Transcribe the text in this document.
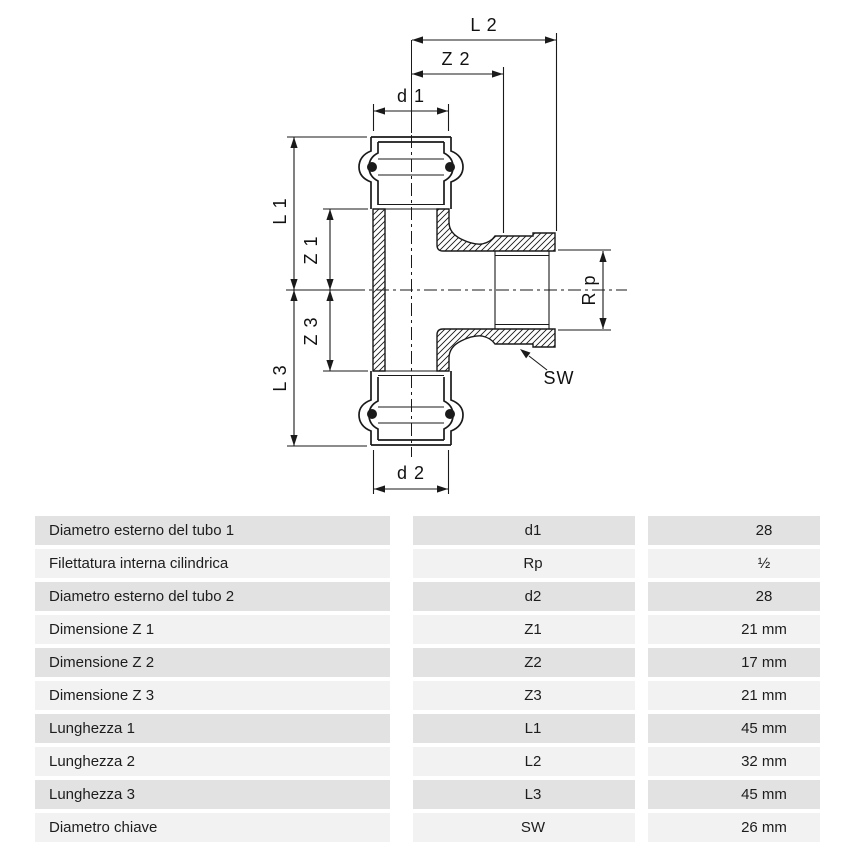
L 2
Z 2
d 1
L 1
Z 1
Z 3
L 3
d 2
R p
SW
Diametro esterno del tubo 1	d1	28
Filettatura interna cilindrica	Rp	½
Diametro esterno del tubo 2	d2	28
Dimensione Z 1	Z1	21 mm
Dimensione Z 2	Z2	17 mm
Dimensione Z 3	Z3	21 mm
Lunghezza 1	L1	45 mm
Lunghezza 2	L2	32 mm
Lunghezza 3	L3	45 mm
Diametro chiave	SW	26 mm
